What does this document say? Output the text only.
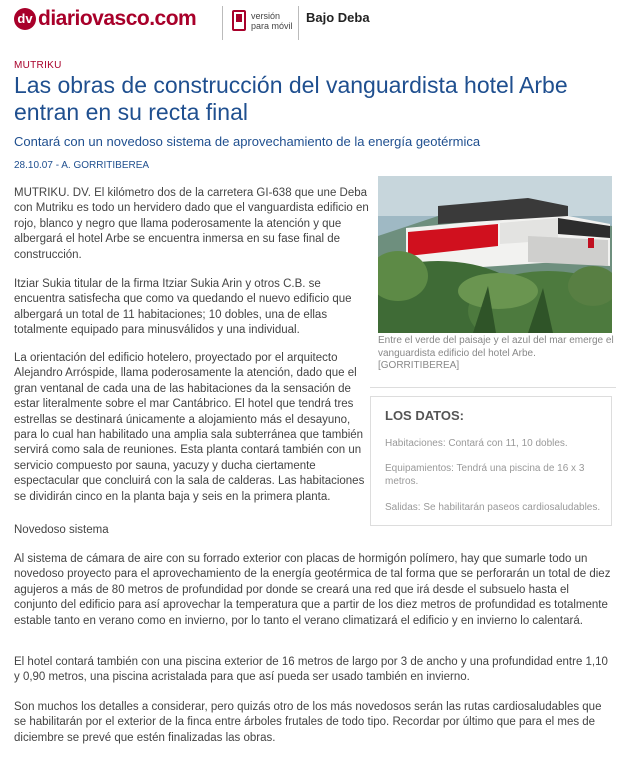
dv diariovasco.com	versión
para móvil
Bajo Deba
MUTRIKU
Las obras de construcción del vanguardista hotel Arbe entran en su recta final
Contará con un novedoso sistema de aprovechamiento de la energía geotérmica
28.10.07 - A. GORRITIBEREA

MUTRIKU. DV. El kilómetro dos de la carretera GI-638 que une Deba con Mutriku es todo un hervidero dado que el vanguardista edificio en rojo, blanco y negro que llama poderosamente la atención y que albergará el hotel Arbe se encuentra inmersa en su fase final de construcción.

Itziar Sukia titular de la firma Itziar Sukia Arin y otros C.B. se encuentra satisfecha que como va quedando el nuevo edificio que albergará un total de 11 habitaciones; 10 dobles, una de ellas totalmente equipado para minusválidos y una individual.

La orientación del edificio hotelero, proyectado por el arquitecto Alejandro Arróspide, llama poderosamente la atención, dado que el gran ventanal de cada una de las habitaciones da la sensación de estar literalmente sobre el mar Cantábrico. El hotel que tendrá tres estrellas se destinará únicamente a alojamiento más el desayuno, para lo cual han habilitado una amplia sala subterránea que también servirá como sala de reuniones. Esta planta contará también con un servicio compuesto por sauna, yacuzy y ducha ciertamente espectacular que concluirá con la sala de calderas. Las habitaciones se dividirán cinco en la planta baja y seis en la primera planta.

Novedoso sistema

Al sistema de cámara de aire con su forrado exterior con placas de hormigón polímero, hay que sumarle todo un novedoso proyecto para el aprovechamiento de la energía geotérmica de tal forma que se perforarán un total de diez agujeros a más de 80 metros de profundidad por donde se creará una red que irá desde el subsuelo hasta el conjunto del edificio para así aprovechar la temperatura que a partir de los diez metros de profundidad es totalmente estable tanto en verano como en invierno, por lo tanto el verano climatizará el edificio y en invierno lo calentará.

El hotel contará también con una piscina exterior de 16 metros de largo por 3 de ancho y una profundidad entre 1,10 y 0,90 metros, una piscina acristalada para que así pueda ser usado también en invierno.

Son muchos los detalles a considerar, pero quizás otro de los más novedosos serán las rutas cardiosaludables que se habilitarán por el exterior de la finca entre árboles frutales de todo tipo. Recordar por último que para el mes de diciembre se prevé que estén finalizadas las obras.

Entre el verde del paisaje y el azul del mar emerge el vanguardista edificio del hotel Arbe. [GORRITIBEREA]
LOS DATOS:
Habitaciones: Contará con 11, 10 dobles.
Equipamientos: Tendrá una piscina de 16 x 3 metros.
Salidas: Se habilitarán paseos cardiosaludables.
